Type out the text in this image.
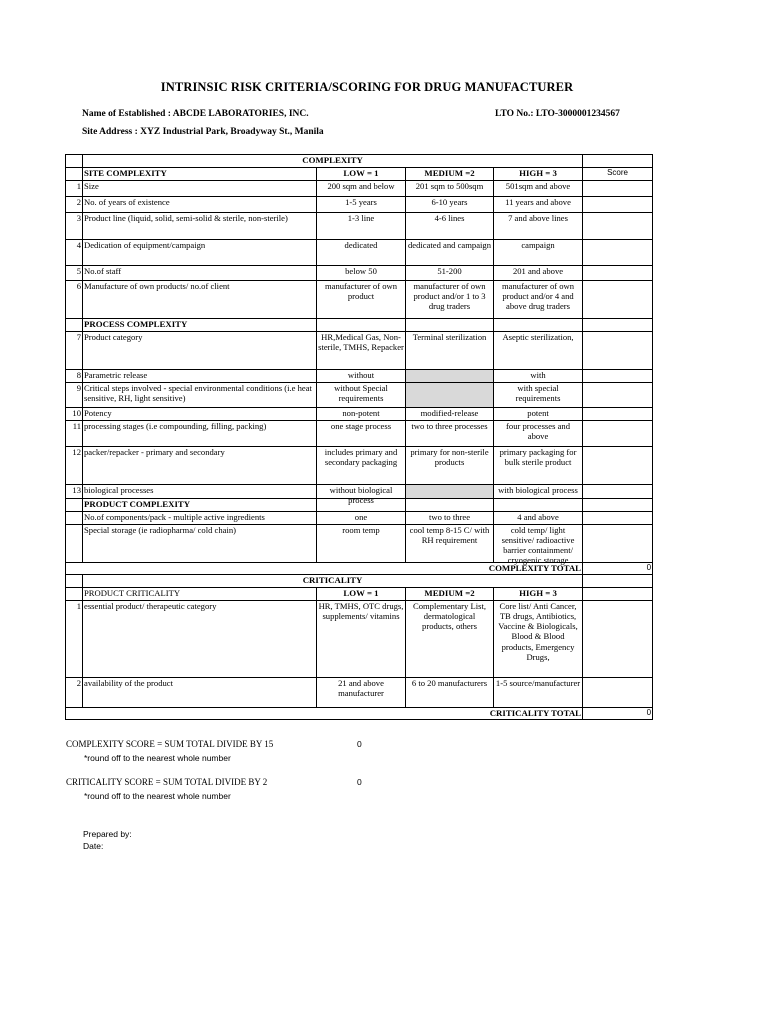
INTRINSIC RISK CRITERIA/SCORING FOR DRUG MANUFACTURER
Name of Established : ABCDE LABORATORIES, INC.	LTO No.: LTO-3000001234567
Site Address : XYZ Industrial Park, Broadyway St., Manila
	COMPLEXITY				
	SITE COMPLEXITY	LOW = 1	MEDIUM =2	HIGH = 3	Score
1	Size	200 sqm and below	201 sqm to 500sqm	501sqm and above	
2	No. of years of existence	1-5 years	6-10 years	11 years and above	
3	Product line (liquid, solid, semi-solid & sterile, non-sterile)	1-3 line	4-6 lines	7 and above lines	
4	Dedication of equipment/campaign	dedicated	dedicated and campaign	campaign	
5	No.of staff	below 50	51-200	201 and above	
6	Manufacture of own products/ no.of client	manufacturer of own product	manufacturer of own product and/or 1 to 3 drug traders	manufacturer of own product and/or 4 and above drug traders	
	PROCESS COMPLEXITY				
7	Product category	HR,Medical Gas, Non-sterile, TMHS, Repacker	Terminal sterilization	Aseptic sterilization,	
8	Parametric release	without		with	
9	Critical steps involved - special environmental conditions (i.e heat sensitive, RH, light sensitive)	without Special requirements		with special requirements	
10	Potency	non-potent	modified-release	potent	
11	processing stages (i.e compounding, filling, packing)	one stage process	two to three processes	four processes and above	
12	packer/repacker - primary and secondary	includes primary and secondary packaging	primary for non-sterile products	primary packaging for bulk sterile product	
13	biological processes	without biological process		with biological process	

	PRODUCT COMPLEXITY				
	No.of components/pack - multiple active ingredients	one	two to three	4 and above	
	Special storage (ie radiopharma/ cold chain)	room temp	cool temp 8-15 C/ with RH requirement	cold temp/ light sensitive/ radioactive barrier containment/ cryogenic storage	

COMPLEXITY TOTAL					0
	CRITICALITY				
	PRODUCT CRITICALITY	LOW = 1	MEDIUM =2	HIGH = 3	
1	essential product/ therapeutic category	HR, TMHS, OTC drugs, supplements/ vitamins	Complementary List, dermatological products, others	Core list/ Anti Cancer, TB drugs, Antibiotics, Vaccine & Biologicals, Blood & Blood products, Emergency Drugs,	
2	availability of the product	21 and above manufacturer	6 to 20 manufacturers	1-5 source/manufacturer	
CRITICALITY TOTAL					0
COMPLEXITY SCORE = SUM TOTAL DIVIDE BY 15	0
*round off to the nearest whole number
CRITICALITY SCORE = SUM TOTAL DIVIDE BY 2	0
*round off to the nearest whole number
Prepared by:
Date:
